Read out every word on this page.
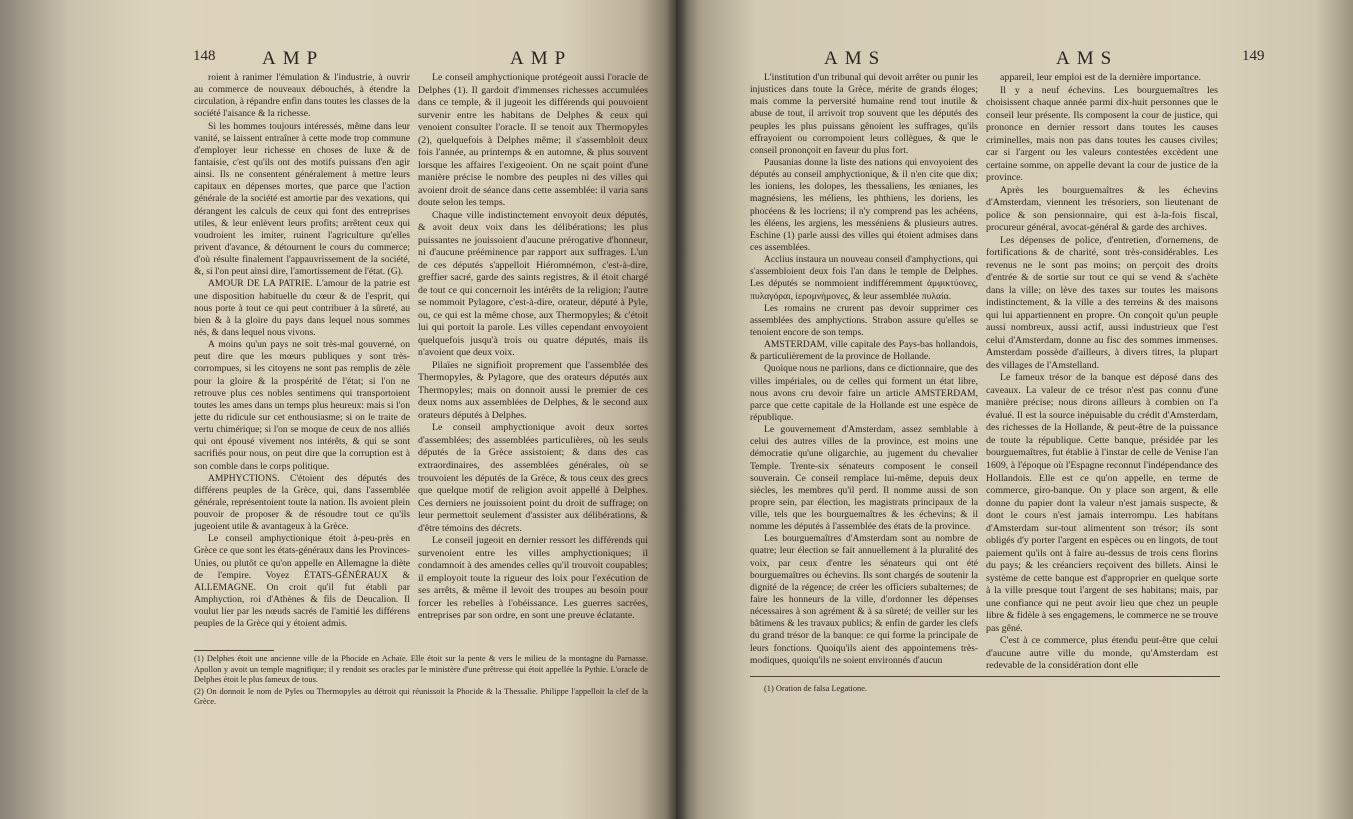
148 AMP	AMP

roient à ranimer l'émulation & l'industrie, à ouvrir au commerce de nouveaux débouchés, à étendre la circulation, à répandre enfin dans toutes les classes de la société l'aisance & la richesse.

Si les hommes toujours intéressés, même dans leur vanité, se laissent entraîner à cette mode trop commune d'employer leur richesse en choses de luxe & de fantaisie, c'est qu'ils ont des motifs puissans d'en agir ainsi. Ils ne consentent généralement à mettre leurs capitaux en dépenses mortes, que parce que l'action générale de la société est amortie par des vexations, qui dérangent les calculs de ceux qui font des entreprises utiles, & leur enlèvent leurs profits; arrêtent ceux qui voudroient les imiter, ruinent l'agriculture qu'elles privent d'avance, & détournent le cours du commerce; d'où résulte finalement l'appauvrissement de la société, &, si l'on peut ainsi dire, l'amortissement de l'état. (G).

AMOUR DE LA PATRIE. L'amour de la patrie est une disposition habituelle du cœur & de l'esprit, qui nous porte à tout ce qui peut contribuer à la sûreté, au bien & à la gloire du pays dans lequel nous sommes nés, & dans lequel nous vivons.

A moins qu'un pays ne soit très-mal gouverné, on peut dire que les mœurs publiques y sont très-corrompues, si les citoyens ne sont pas remplis de zèle pour la gloire & la prospérité de l'état; si l'on ne retrouve plus ces nobles sentimens qui transportoient toutes les ames dans un temps plus heureux: mais si l'on jette du ridicule sur cet enthousiasme; si on le traite de vertu chimérique; si l'on se moque de ceux de nos alliés qui ont épousé vivement nos intérêts, & qui se sont sacrifiés pour nous, on peut dire que la corruption est à son comble dans le corps politique.

AMPHYCTIONS. C'étoient des députés des différens peuples de la Grèce, qui, dans l'assemblée générale, représentoient toute la nation. Ils avoient plein pouvoir de proposer & de résoudre tout ce qu'ils jugeoient utile & avantageux à la Grèce.

Le conseil amphyctionique étoit à-peu-près en Grèce ce que sont les états-généraux dans les Provinces-Unies, ou plutôt ce qu'on appelle en Allemagne la diète de l'empire. Voyez ÉTATS-GÉNÉRAUX & ALLEMAGNE. On croit qu'il fut établi par Amphyction, roi d'Athènes & fils de Deucalion. Il voulut lier par les nœuds sacrés de l'amitié les différens peuples de la Grèce qui y étoient admis.

Le conseil amphyctionique protégeoit aussi l'oracle de Delphes (1). Il gardoit d'immenses richesses accumulées dans ce temple, & il jugeoit les différends qui pouvoient survenir entre les habitans de Delphes & ceux qui venoient consulter l'oracle. Il se tenoit aux Thermopyles (2), quelquefois à Delphes même; il s'assembloit deux fois l'année, au printemps & en automne, & plus souvent lorsque les affaires l'exigeoient. On ne sçait point d'une manière précise le nombre des peuples ni des villes qui avoient droit de séance dans cette assemblée: il varia sans doute selon les temps.

Chaque ville indistinctement envoyoit deux députés, & avoit deux voix dans les délibérations; les plus puissantes ne jouissoient d'aucune prérogative d'honneur, ni d'aucune prééminence par rapport aux suffrages. L'un de ces députés s'appelloit Hiéromnémon, c'est-à-dire, greffier sacré, garde des saints registres, & il étoit chargé de tout ce qui concernoit les intérêts de la religion; l'autre se nommoit Pylagore, c'est-à-dire, orateur, député à Pyle, ou, ce qui est la même chose, aux Thermopyles; & c'étoit lui qui portoit la parole. Les villes cependant envoyoient quelquefois jusqu'à trois ou quatre députés, mais ils n'avoient que deux voix.

Pilaïes ne signifioit proprement que l'assemblée des Thermopyles, & Pylagore, que des orateurs députés aux Thermopyles; mais on donnoit aussi le premier de ces deux noms aux assemblées de Delphes, & le second aux orateurs députés à Delphes.

Le conseil amphyctionique avoit deux sortes d'assemblées; des assemblées particulières, où les seuls députés de la Grèce assistoient; & dans des cas extraordinaires, des assemblées générales, où se trouvoient les députés de la Grèce, & tous ceux des grecs que quelque motif de religion avoit appellé à Delphes. Ces derniers ne jouissoient point du droit de suffrage; on leur permettoit seulement d'assister aux délibérations, & d'être témoins des décrets.

Le conseil jugeoit en dernier ressort les différends qui survenoient entre les villes amphyctioniques; il condamnoit à des amendes celles qu'il trouvoit coupables; il employoit toute la rigueur des loix pour l'exécution de ses arrêts, & même il levoit des troupes au besoin pour forcer les rebelles à l'obéissance. Les guerres sacrées, entreprises par son ordre, en sont une preuve éclatante.

(1) Delphes étoit une ancienne ville de la Phocide en Achaïe. Elle étoit sur la pente & vers le milieu de la montagne du Parnasse. Apollon y avoit un temple magnifique; il y rendoit ses oracles par le ministère d'une prêtresse qui étoit appellée la Pythie. L'oracle de Delphes étoit le plus fameux de tous.

(2) On donnoit le nom de Pyles ou Thermopyles au détroit qui réunissoit la Phocide & la Thessalie. Philippe l'appelloit la clef de la Grèce.

AMS	AMS	149

L'institution d'un tribunal qui devoit arrêter ou punir les injustices dans toute la Grèce, mérite de grands éloges; mais comme la perversité humaine rend tout inutile & abuse de tout, il arrivoit trop souvent que les députés des peuples les plus puissans gênoient les suffrages, qu'ils effrayoient ou corrompoient leurs collègues, & que le conseil prononçoit en faveur du plus fort.

Pausanias donne la liste des nations qui envoyoient des députés au conseil amphyctionique, & il n'en cite que dix; les ioniens, les dolopes, les thessaliens, les œnianes, les magnésiens, les méliens, les phthiens, les doriens, les phocéens & les locriens; il n'y comprend pas les achéens, les éléens, les argiens, les messéniens & plusieurs autres. Eschine (1) parle aussi des villes qui étoient admises dans ces assemblées.

Acclius instaura un nouveau conseil d'amphyctions, qui s'assembloient deux fois l'an dans le temple de Delphes. Les députés se nommoient indifféremment ἀμφικτύονες, πυλαγόραι, ἱερομνήμονες, & leur assemblée πυλαία.

Les romains ne crurent pas devoir supprimer ces assemblées des amphyctions. Strabon assure qu'elles se tenoient encore de son temps.

AMSTERDAM, ville capitale des Pays-bas hollandois, & particulièrement de la province de Hollande.

Quoique nous ne parlions, dans ce dictionnaire, que des villes impériales, ou de celles qui forment un état libre, nous avons cru devoir faire un article AMSTERDAM, parce que cette capitale de la Hollande est une espèce de république.

Le gouvernement d'Amsterdam, assez semblable à celui des autres villes de la province, est moins une démocratie qu'une oligarchie, au jugement du chevalier Temple. Trente-six sénateurs composent le conseil souverain. Ce conseil remplace lui-même, depuis deux siècles, les membres qu'il perd. Il nomme aussi de son propre sein, par élection, les magistrats principaux de la ville, tels que les bourguemaîtres & les échevins; & il nomme les députés à l'assemblée des états de la province.

Les bourguemaîtres d'Amsterdam sont au nombre de quatre; leur élection se fait annuellement à la pluralité des voix, par ceux d'entre les sénateurs qui ont été bourguemaîtres ou échevins. Ils sont chargés de soutenir la dignité de la régence; de créer les officiers subalternes; de faire les honneurs de la ville, d'ordonner les dépenses nécessaires à son agrément & à sa sûreté; de veiller sur les bâtimens & les travaux publics; & enfin de garder les clefs du grand trésor de la banque: ce qui forme la principale de leurs fonctions. Quoiqu'ils aient des appointemens très-modiques, quoiqu'ils ne soient environnés d'aucun

appareil, leur emploi est de la dernière importance.

Il y a neuf échevins. Les bourguemaîtres les choisissent chaque année parmi dix-huit personnes que le conseil leur présente. Ils composent la cour de justice, qui prononce en dernier ressort dans toutes les causes criminelles, mais non pas dans toutes les causes civiles; car si l'argent ou les valeurs contestées excèdent une certaine somme, on appelle devant la cour de justice de la province.

Après les bourguemaîtres & les échevins d'Amsterdam, viennent les trésoriers, son lieutenant de police & son pensionnaire, qui est à-la-fois fiscal, procureur général, avocat-général & garde des archives.

Les dépenses de police, d'entretien, d'ornemens, de fortifications & de charité, sont très-considérables. Les revenus ne le sont pas moins; on perçoit des droits d'entrée & de sortie sur tout ce qui se vend & s'achète dans la ville; on lève des taxes sur toutes les maisons indistinctement, & la ville a des terreins & des maisons qui lui appartiennent en propre. On conçoit qu'un peuple aussi nombreux, aussi actif, aussi industrieux que l'est celui d'Amsterdam, donne au fisc des sommes immenses. Amsterdam possède d'ailleurs, à divers titres, la plupart des villages de l'Amstelland.

Le fameux trésor de la banque est déposé dans des caveaux. La valeur de ce trésor n'est pas connu d'une manière précise; nous dirons ailleurs à combien on l'a évalué. Il est la source inépuisable du crédit d'Amsterdam, des richesses de la Hollande, & peut-être de la puissance de toute la république. Cette banque, présidée par les bourguemaîtres, fut établie à l'instar de celle de Venise l'an 1609, à l'époque où l'Espagne reconnut l'indépendance des Hollandois. Elle est ce qu'on appelle, en terme de commerce, giro-banque. On y place son argent, & elle donne du papier dont la valeur n'est jamais suspecte, & dont le cours n'est jamais interrompu. Les habitans d'Amsterdam sur-tout alimentent son trésor; ils sont obligés d'y porter l'argent en espèces ou en lingots, de tout paiement qu'ils ont à faire au-dessus de trois cens florins du pays; & les créanciers reçoivent des billets. Ainsi le système de cette banque est d'approprier en quelque sorte à la ville presque tout l'argent de ses habitans; mais, par une confiance qui ne peut avoir lieu que chez un peuple libre & fidèle à ses engagemens, le commerce ne se trouve pas gêné.

C'est à ce commerce, plus étendu peut-être que celui d'aucune autre ville du monde, qu'Amsterdam est redevable de la considération dont elle

(1) Oration de falsa Legatione.
